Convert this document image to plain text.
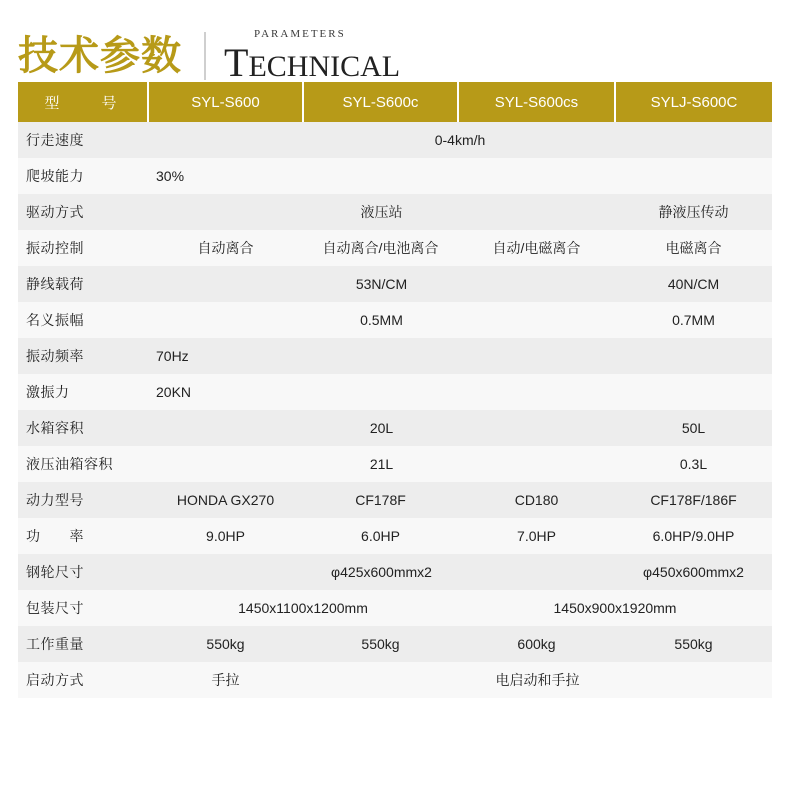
技术参数	PARAMETERS
TECHNICAL
型　　号	SYL-S600	SYL-S600c	SYL-S600cs	SYLJ-S600C
行走速度	0-4km/h			
爬坡能力	30%			
驱动方式	液压站			静液压传动
振动控制	自动离合	自动离合/电池离合	自动/电磁离合	电磁离合
静线载荷	53N/CM			40N/CM
名义振幅	0.5MM			0.7MM
振动频率	70Hz			
激振力	20KN			
水箱容积	20L			50L
液压油箱容积	21L			0.3L
动力型号	HONDA GX270	CF178F	CD180	CF178F/186F
功　　率	9.0HP	6.0HP	7.0HP	6.0HP/9.0HP
钢轮尺寸	φ425x600mmx2			φ450x600mmx2
包装尺寸	1450x1100x1200mm		1450x900x1920mm	
工作重量	550kg	550kg	600kg	550kg
启动方式	手拉	电启动和手拉		
